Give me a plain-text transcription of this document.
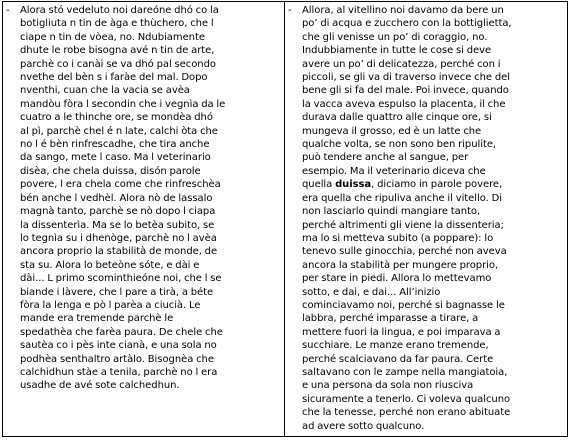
- Alora stó vedeluto noi dareóne dhó co la
botigliuta n tin de àga e thùchero, che l
ciape n tin de vòea, no. Ndubiamente
dhute le robe bisogna avé n tin de arte,
parchè co i canài se va dhó pal secondo
nvethe del bèn s i faràe del mal. Dopo
nventhi, cuan che la vacia se avèa
mandòu fòra l secondin che i vegnìa da le
cuatro a le thinche ore, se mondèa dhó
al pì, parchè chel é n late, calchi òta che
no l é bèn rinfrescadhe, che tira anche
da sango, mete l caso. Ma l veterinario
disèa, che chela duissa, disón parole
povere, l era chela come che rinfreschèa
bén anche l vedhèl. Alora nò de lassalo
magnà tanto, parchè se nò dopo l ciapa
la dissenterìa. Ma se lo betèa subito, se
lo tegnìa su i dhenòge, parchè no l avèa
ancora proprio la stabilità de monde, de
sta su. Alora lo beteòne sóte, e dài e
dài... L primo scominthieóne noi, che l se
biande i làvere, che l pare a tirà, a béte
fòra la lenga e pò l parèa a ciucià. Le
mande era tremende parchè le
spedathèa che farèa paura. De chele che
sautèa co i pès inte cianà, e una sola no
podhèa senthaltro artàlo. Bisognèa che
calchidhun stàe a tenila, parchè no l era
usadhe de avé sote calchedhun.

- Allora, al vitellino noi davamo da bere un
po’ di acqua e zucchero con la bottiglietta,
che gli venisse un po’ di coraggio, no.
Indubbiamente in tutte le cose si deve
avere un po’ di delicatezza, perché con i
piccoli, se gli va di traverso invece che del
bene gli si fa del male. Poi invece, quando
la vacca aveva espulso la placenta, il che
durava dalle quattro alle cinque ore, si
mungeva il grosso, ed è un latte che
qualche volta, se non sono ben ripulite,
può tendere anche al sangue, per
esempio. Ma il veterinario diceva che
quella duissa, diciamo in parole povere,
era quella che ripuliva anche il vitello. Di
non lasciarlo quindi mangiare tanto,
perché altrimenti gli viene la dissenteria;
ma lo si metteva subito (a poppare): lo
tenevo sulle ginocchia, perché non aveva
ancora la stabilità per mungere proprio,
per stare in piedi. Allora lo mettevamo
sotto, e dai, e dai... All’inizio
cominciavamo noi, perché si bagnasse le
labbra, perché imparasse a tirare, a
mettere fuori la lingua, e poi imparava a
succhiare. Le manze erano tremende,
perché scalciavano da far paura. Certe
saltavano con le zampe nella mangiatoia,
e una persona da sola non riusciva
sicuramente a tenerlo. Ci voleva qualcuno
che la tenesse, perché non erano abituate
ad avere sotto qualcuno.
